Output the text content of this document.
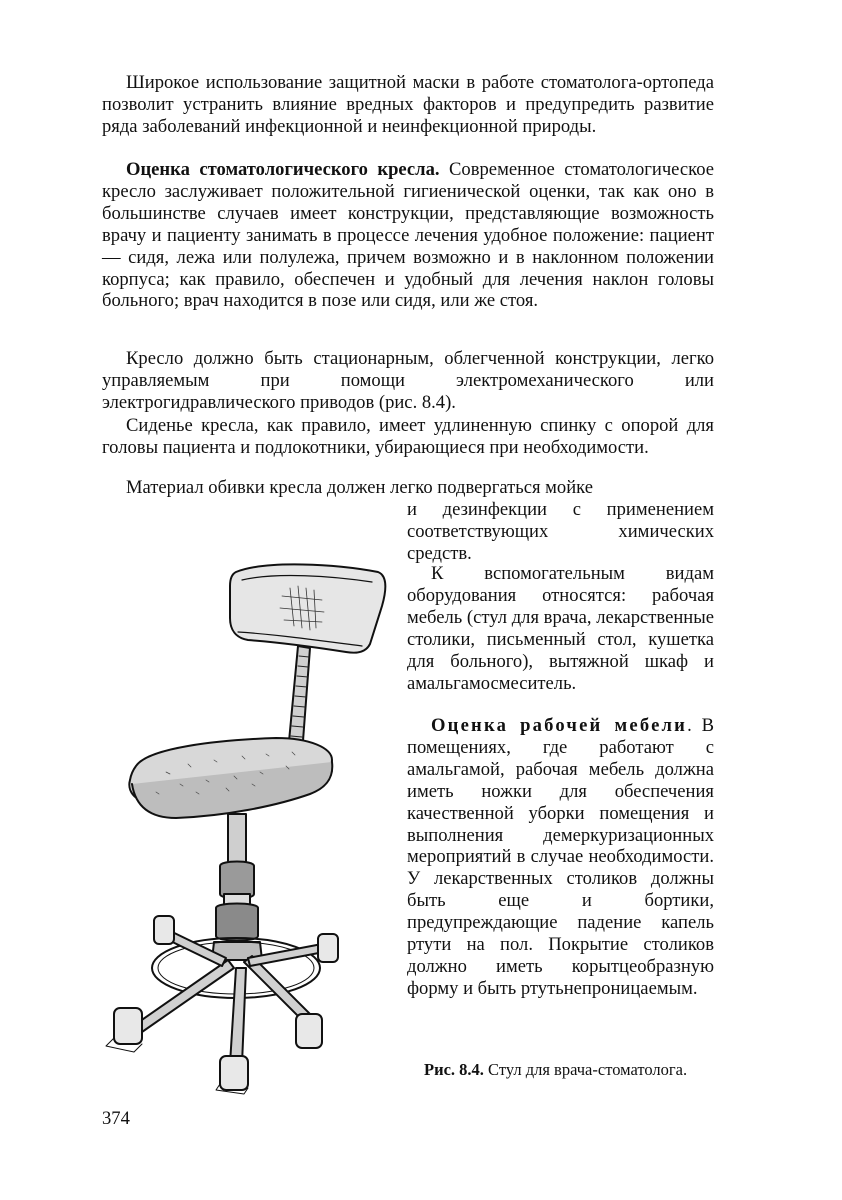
Широкое использование защитной маски в работе стоматолога-ортопеда позволит устранить влияние вредных факторов и предупредить развитие ряда заболеваний инфекционной и неинфекционной природы.

Оценка стоматологического кресла. Современное стоматологическое кресло заслуживает положительной гигиенической оценки, так как оно в большинстве случаев имеет конструкции, представляющие возможность врачу и пациенту занимать в процессе лечения удобное положение: пациент — сидя, лежа или полулежа, причем возможно и в наклонном положении корпуса; как правило, обеспечен и удобный для лечения наклон головы больного; врач находится в позе или сидя, или же стоя.

Кресло должно быть стационарным, облегченной конструкции, легко управляемым при помощи электромеханического или электрогидравлического приводов (рис. 8.4).

Сиденье кресла, как правило, имеет удлиненную спинку с опорой для головы пациента и подлокотники, убирающиеся при необходимости.

Материал обивки кресла должен легко подвергаться мойке

и дезинфекции с применением соответствующих химических средств.

К вспомогательным видам оборудования относятся: рабочая мебель (стул для врача, лекарственные столики, письменный стол, кушетка для больного), вытяжной шкаф и амальгамосмеситель.

Оценка рабочей мебели. В помещениях, где работают с амальгамой, рабочая мебель должна иметь ножки для обеспечения качественной уборки помещения и выполнения демеркуризационных мероприятий в случае необходимости. У лекарственных столиков должны быть еще и бортики, предупреждающие падение капель ртути на пол. Покрытие столиков должно иметь корытцеобразную форму и быть ртутьнепроницаемым.

Рис. 8.4. Стул для врача-стоматолога.

374
